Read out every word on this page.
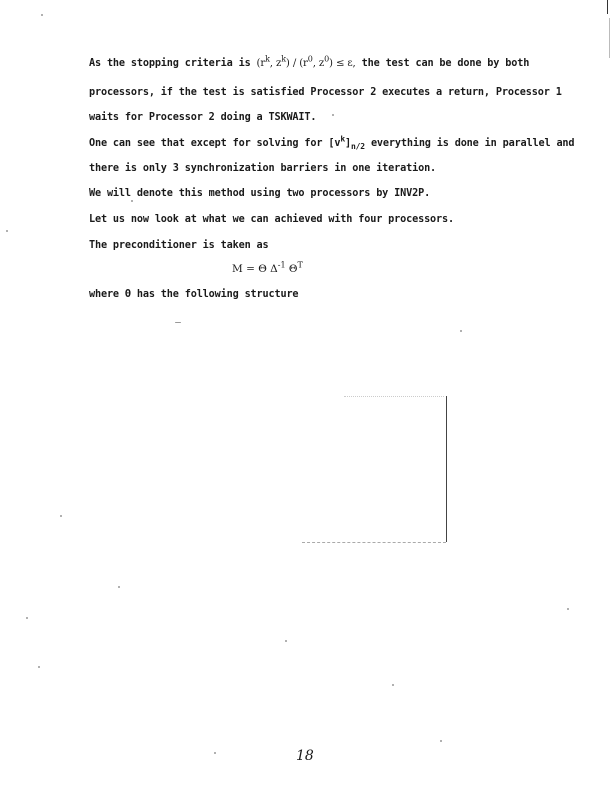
As the stopping criteria is ($r^k$, $z^k) / (r^0$, $z^0) \le \varepsilon$, the test can be done by both
processors, if the test is satisfied Processor 2 executes a return, Processor 1
waits for Processor 2 doing a TSKWAIT.
One can see that except for solving for $[v^k]_{n/2}$ everything is done in parallel and
there is only 3 synchronization barriers in one iteration.
We will denote this method using two processors by INV2P.
Let us now look at what we can achieved with four processors.
The preconditioner is taken as
M = Θ $\Delta^{-1}$ $\Theta^T$
where Θ has the following structure
18
